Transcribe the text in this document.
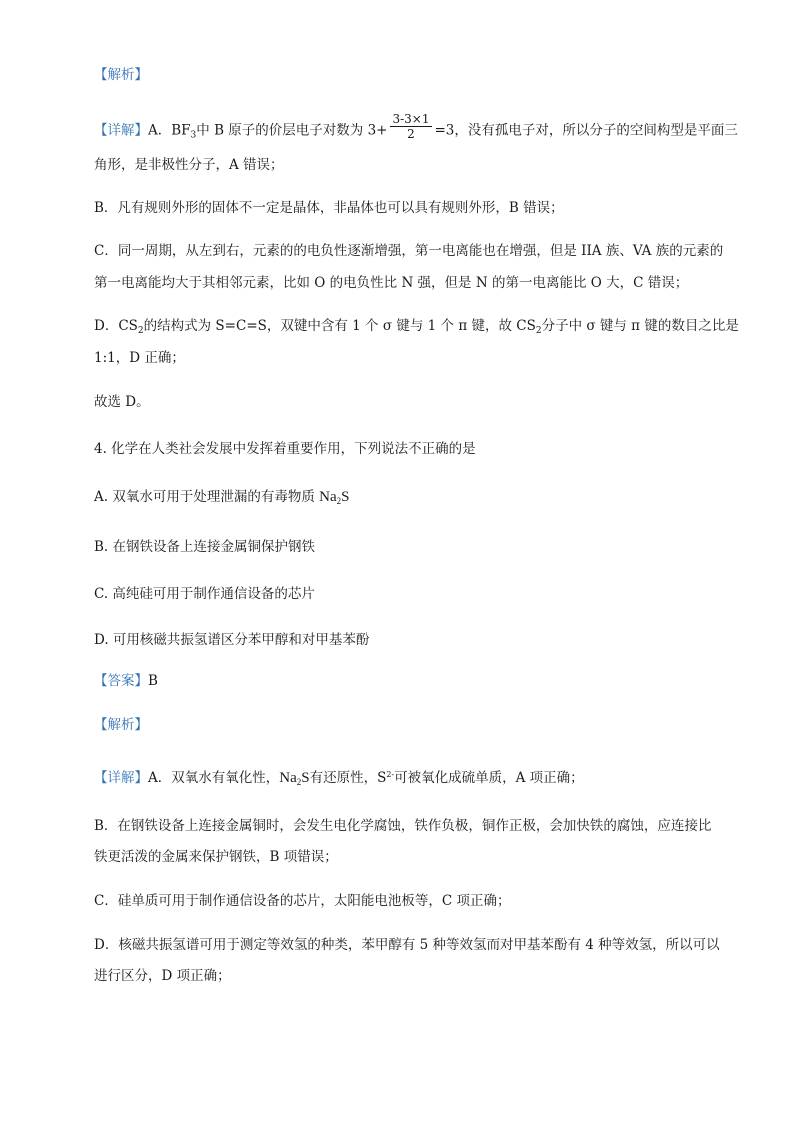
【解析】
【详解】A．$BF_3$中 B 原子的价层电子对数为 $3+ \frac{3-3\times 1}{2} =3$，没有孤电子对，所以分子的空间构型是平面三
角形，是非极性分子，A 错误；
B．凡有规则外形的固体不一定是晶体，非晶体也可以具有规则外形，B 错误；
C．同一周期，从左到右，元素的的电负性逐渐增强，第一电离能也在增强，但是 IIA 族、VA 族的元素的
第一电离能均大于其相邻元素，比如 O 的电负性比 N 强，但是 N 的第一电离能比 O 大，C 错误；
D．$CS_2$的结构式为 S=C=S，双键中含有 1 个 σ 键与 1 个 π 键，故 $CS_2$分子中 σ 键与 π 键的数目之比是
1:1，D 正确；
故选 D。
4. 化学在人类社会发展中发挥着重要作用，下列说法不正确的是
A. 双氧水可用于处理泄漏的有毒物质 $Na_2S$
B. 在钢铁设备上连接金属铜保护钢铁
C. 高纯硅可用于制作通信设备的芯片
D. 可用核磁共振氢谱区分苯甲醇和对甲基苯酚
【答案】B
【解析】
【详解】A．双氧水有氧化性，$Na_2S$有还原性，$S^{2-}$可被氧化成硫单质，A 项正确；
B．在钢铁设备上连接金属铜时，会发生电化学腐蚀，铁作负极，铜作正极，会加快铁的腐蚀，应连接比
铁更活泼的金属来保护钢铁，B 项错误；
C．硅单质可用于制作通信设备的芯片，太阳能电池板等，C 项正确；
D．核磁共振氢谱可用于测定等效氢的种类，苯甲醇有 5 种等效氢而对甲基苯酚有 4 种等效氢，所以可以
进行区分，D 项正确；
